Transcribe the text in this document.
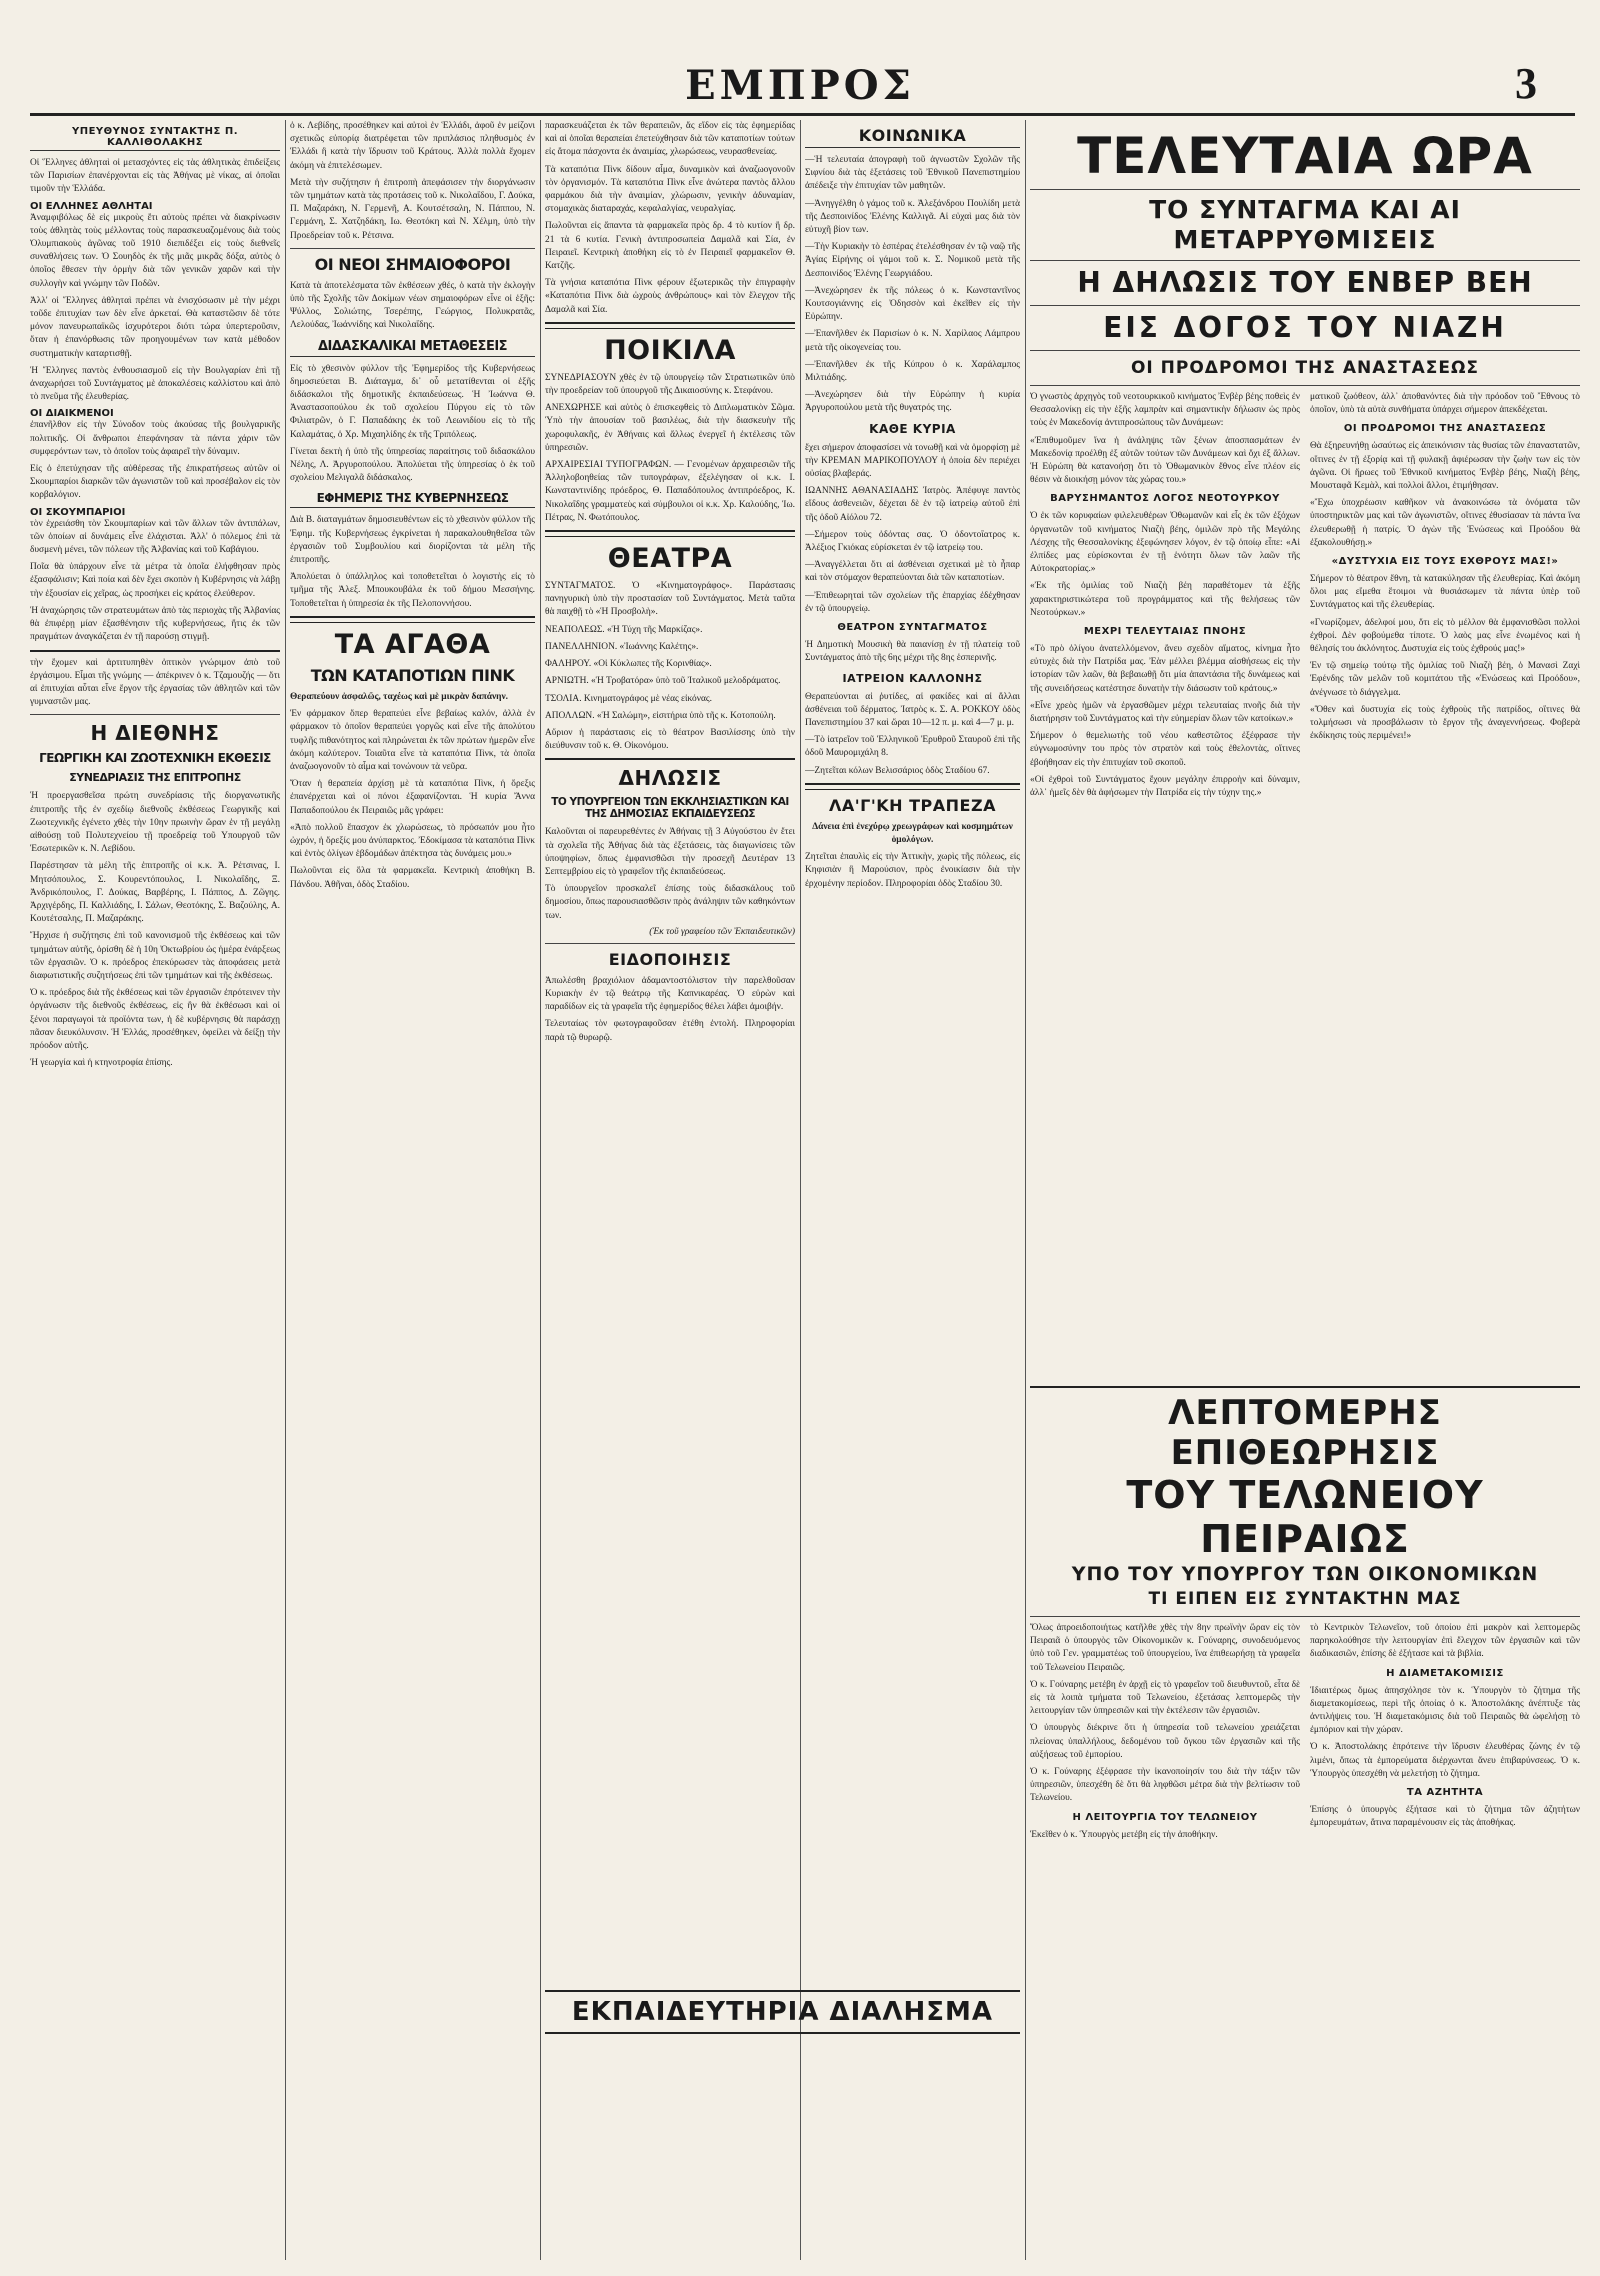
ΕΜΠΡΟΣ	3
ΥΠΕΥΘΥΝΟΣ ΣΥΝΤΑΚΤΗΣ Π. ΚΑΛΛΙΘΟΛΑΚΗΣ

Οἱ Ἕλληνες ἀθληταὶ οἱ μετασχόντες εἰς τὰς ἀθλητικὰς ἐπιδείξεις τῶν Παρισίων ἐπανέρχονται εἰς τὰς Ἀθήνας μὲ νίκας, αἱ ὁποῖαι τιμοῦν τὴν Ἑλλάδα.

ΟΙ ΕΛΛΗΝΕΣ ΑΘΛΗΤΑΙ

Ἀναμφιβόλως δὲ εἰς μικροὺς ἔτι αὐτοὺς πρέπει νὰ διακρίνωσιν τοὺς ἀθλητὰς τοὺς μέλλοντας τοὺς παρασκευαζομένους διὰ τοὺς Ὀλυμπιακοὺς ἀγῶνας τοῦ 1910 διεπιδέξει εἰς τοὺς διεθνεῖς συναθλήσεις των. Ὁ Σουηδὸς ἐκ τῆς μιᾶς μικρᾶς δόξα, αὐτὸς ὁ ὁποῖος ἔθεσεν τὴν ὁρμὴν διὰ τῶν γενικῶν χαρῶν καὶ τὴν συλλογὴν καὶ γνώμην τῶν Ποδῶν.

Ἀλλ' οἱ Ἕλληνες ἀθληταὶ πρέπει νὰ ἐνισχύσωσιν μὲ τὴν μέχρι τοῦδε ἐπιτυχίαν των δὲν εἶνε ἀρκεταί. Θὰ καταστῶσιν δὲ τότε μόνον πανευρωπαϊκῶς ἰσχυρότεροι διότι τώρα ὑπερτεροῦσιν, ὅταν ἡ ἐπανόρθωσις τῶν προηγουμένων των κατὰ μέθοδον συστηματικὴν καταρτισθῇ.

Ἡ Ἕλληνες παντὸς ἐνθουσιασμοῦ εἰς τὴν Βουλγαρίαν ἐπὶ τῇ ἀναχωρήσει τοῦ Συντάγματος μὲ ἀποκαλέσεις καλλίστου καὶ ἀπὸ τὸ πνεῦμα τῆς ἐλευθερίας.

ΟΙ ΔΙΑΙΚΜΕΝΟΙ

ἐπανῆλθον εἰς τὴν Σύνοδον τοὺς ἀκούσας τῆς βουλγαρικῆς πολιτικῆς. Οἱ ἄνθρωποι ἐπεφάνησαν τὰ πάντα χάριν τῶν συμφερόντων των, τὸ ὁποῖον τοὺς ἀφαιρεῖ τὴν δύναμιν.

Εἰς ὁ ἐπετύχησαν τῆς αὐθέρεσας τῆς ἐπικρατήσεως αὐτῶν οἱ Σκουμπαρίοι διαρκῶν τῶν ἀγωνιστῶν τοῦ καὶ προσέβαλον εἰς τὸν κορβαλόγιον.

ΟΙ ΣΚΟΥΜΠΑΡΙΟΙ

τὸν ἐχρειάσθη τὸν Σκουμπαρίων καὶ τῶν ἄλλων τῶν ἀντιπάλων, τῶν ὁποίων αἱ δυνάμεις εἶνε ἐλάχισται. Ἀλλ' ὁ πόλεμος ἐπὶ τὰ δυσμενὴ μένει, τῶν πόλεων τῆς Ἀλβανίας καὶ τοῦ Καβάγιου.

Ποῖα θὰ ὑπάρχουν εἶνε τὰ μέτρα τὰ ὁποῖα ἐλήφθησαν πρὸς ἐξασφάλισιν; Καὶ ποία καὶ δὲν ἔχει σκοπὸν ἡ Κυβέρνησις νὰ λάβῃ τὴν ἐξουσίαν εἰς χεῖρας, ὡς προσήκει εἰς κράτος ἐλεύθερον.

Ἡ ἀναχώρησις τῶν στρατευμάτων ἀπὸ τὰς περιοχὰς τῆς Ἀλβανίας θὰ ἐπιφέρῃ μίαν ἐξασθένησιν τῆς κυβερνήσεως, ἥτις ἐκ τῶν πραγμάτων ἀναγκάζεται ἐν τῇ παρούσῃ στιγμῇ.

τὴν ἔχομεν καὶ ἀρτιτυπηθὲν ὀπτικὸν γνώριμον ἀπὸ τοῦ ἐργάσιμου. Εἶμαι τῆς γνώμης — ἀπέκρινεν ὁ κ. Τζαμουζής — ὅτι αἱ ἐπιτυχίαι αὗται εἶνε ἔργον τῆς ἐργασίας τῶν ἀθλητῶν καὶ τῶν γυμναστῶν μας.

Η ΔΙΕΘΝΗΣ
ΓΕΩΡΓΙΚΗ ΚΑΙ ΖΩΟΤΕΧΝΙΚΗ ΕΚΘΕΣΙΣ
ΣΥΝΕΔΡΙΑΣΙΣ ΤΗΣ ΕΠΙΤΡΟΠΗΣ

Ἡ προεργασθεῖσα πρώτη συνεδρίασις τῆς διοργανωτικῆς ἐπιτροπῆς τῆς ἐν σχεδίῳ διεθνοῦς ἐκθέσεως Γεωργικῆς καὶ Ζωοτεχνικῆς ἐγένετο χθὲς τὴν 10ην πρωινὴν ὥραν ἐν τῇ μεγάλῃ αἰθούσῃ τοῦ Πολυτεχνείου τῇ προεδρείᾳ τοῦ Υπουργοῦ τῶν Ἐσωτερικῶν κ. Ν. Λεβίδου.

Παρέστησαν τὰ μέλη τῆς ἐπιτροπῆς οἱ κ.κ. Ἀ. Ρέτσινας, Ι. Μητσόπουλος, Σ. Κουρεντόπουλος, Ι. Νικολαΐδης, Ξ. Ἀνδρικόπουλος, Γ. Δούκας, Βαρβέρης, Ι. Πάππος, Δ. Ζῶγης. Ἀρχιγέρδης, Π. Καλλιάδης, Ι. Σάλων, Θεοτόκης, Σ. Βαζούλης, Α. Κουτέτσαλης, Π. Μαζαράκης.

Ἤρχισε ἡ συζήτησις ἐπὶ τοῦ κανονισμοῦ τῆς ἐκθέσεως καὶ τῶν τμημάτων αὐτῆς, ὁρίσθη δὲ ἡ 10η Ὀκτωβρίου ὡς ἡμέρα ἐνάρξεως τῶν ἐργασιῶν. Ὁ κ. πρόεδρος ἐπεκύρωσεν τὰς ἀποφάσεις μετὰ διαφωτιστικῆς συζητήσεως ἐπὶ τῶν τμημάτων καὶ τῆς ἐκθέσεως.

Ὁ κ. πρόεδρος διὰ τῆς ἐκθέσεως καὶ τῶν ἐργασιῶν ἐπρότεινεν τὴν ὀργάνωσιν τῆς διεθνοῦς ἐκθέσεως, εἰς ἣν θὰ ἐκθέσωσι καὶ οἱ ξένοι παραγωγοὶ τὰ προϊόντα των, ἡ δὲ κυβέρνησις θὰ παράσχῃ πᾶσαν διευκόλυνσιν. Ἡ Ἑλλάς, προσέθηκεν, ὀφείλει νὰ δείξῃ τὴν πρόοδον αὐτῆς.

Ἡ γεωργία καὶ ἡ κτηνοτροφία ἐπίσης.

ὁ κ. Λεβίδης, προσέθηκεν καὶ αὐτοὶ ἐν Ἑλλάδι, ἀφοῦ ἐν μείζονι σχετικῶς εὐπορίᾳ διατρέφεται τῶν πριπλάσιος πληθυσμὸς ἐν Ἑλλάδι ἢ κατὰ τὴν ἵδρυσιν τοῦ Κράτους. Ἀλλὰ πολλὰ ἔχομεν ἀκόμη νὰ ἐπιτελέσωμεν.

Μετὰ τὴν συζήτησιν ἡ ἐπιτροπὴ ἀπεφάσισεν τὴν διοργάνωσιν τῶν τμημάτων κατὰ τὰς προτάσεις τοῦ κ. Νικολαΐδου, Γ. Δούκα, Π. Μαζαράκη, Ν. Γερμενῆ, Α. Κουτσέτσαλη, Ν. Πάππου, Ν. Γερμάνη, Σ. Χατζηδάκη, Ιω. Θεοτόκη καὶ Ν. Χέλμη, ὑπὸ τὴν Προεδρείαν τοῦ κ. Ρέτσινα.

ΟΙ ΝΕΟΙ ΣΗΜΑΙΟΦΟΡΟΙ

Κατὰ τὰ ἀποτελέσματα τῶν ἐκθέσεων χθές, ὁ κατὰ τὴν ἐκλογὴν ὑπὸ τῆς Σχολῆς τῶν Δοκίμων νέων σημαιοφόρων εἶνε οἱ ἑξῆς: Ψύλλος, Σολιώτης, Τσερέπης, Γεώργιος, Πολυκρατᾶς, Λελούδας, Ἰωάννίδης καὶ Νικολαΐδης.

ΔΙΔΑΣΚΑΛΙΚΑΙ ΜΕΤΑΘΕΣΕΙΣ

Εἰς τὸ χθεσινὸν φύλλον τῆς Ἐφημερίδος τῆς Κυβερνήσεως δημοσιεύεται Β. Διάταγμα, δι᾽ οὗ μετατίθενται οἱ ἑξῆς διδάσκαλοι τῆς δημοτικῆς ἐκπαιδεύσεως. Ἡ Ἰωάννα Θ. Ἀναστασοπούλου ἐκ τοῦ σχολείου Πύργου εἰς τὸ τῶν Φιλιατρῶν, ὁ Γ. Παπαδάκης ἐκ τοῦ Λεωνιδίου εἰς τὸ τῆς Καλαμάτας, ὁ Χρ. Μιχαηλίδης ἐκ τῆς Τριπόλεως.

Γίνεται δεκτὴ ἡ ὑπὸ τῆς ὑπηρεσίας παραίτησις τοῦ διδασκάλου Νέλης, Λ. Ἀργυροπούλου. Ἀπολύεται τῆς ὑπηρεσίας ὁ ἐκ τοῦ σχολείου Μελιγαλᾶ διδάσκαλος.

ΕΦΗΜΕΡΙΣ ΤΗΣ ΚΥΒΕΡΝΗΣΕΩΣ

Διὰ Β. διαταγμάτων δημοσιευθέντων εἰς τὸ χθεσινὸν φύλλον τῆς Ἐφημ. τῆς Κυβερνήσεως ἐγκρίνεται ἡ παρακαλουθηθεῖσα τῶν ἐργασιῶν τοῦ Συμβουλίου καὶ διορίζονται τὰ μέλη τῆς ἐπιτροπῆς.

Ἀπολύεται ὁ ὑπάλληλος καὶ τοποθετεῖται ὁ λογιστὴς εἰς τὸ τμῆμα τῆς Ἀλεξ. Μπουκουβάλα ἐκ τοῦ δήμου Μεσσήνης. Τοποθετεῖται ἡ ὑπηρεσία ἐκ τῆς Πελοποννήσου.

ΤΑ ΑΓΑΘΑ
ΤΩΝ ΚΑΤΑΠΟΤΙΩΝ ΠΙΝΚ

Θεραπεύουν ἀσφαλῶς, ταχέως καὶ μὲ μικρὰν δαπάνην.

Ἐν φάρμακον ὅπερ θεραπεύει εἶνε βεβαίως καλόν, ἀλλὰ ἐν φάρμακον τὸ ὁποῖον θεραπεύει γοργῶς καὶ εἶνε τῆς ἀπολύτου τυφλῆς πιθανότητος καὶ πληρώνεται ἐκ τῶν πρώτων ἡμερῶν εἶνε ἀκόμη καλύτερον. Τοιαῦτα εἶνε τὰ καταπότια Πὶνκ, τὰ ὁποῖα ἀναζωογονοῦν τὸ αἷμα καὶ τονώνουν τὰ νεῦρα.

Ὅταν ἡ θεραπεία ἀρχίσῃ μὲ τὰ καταπότια Πὶνκ, ἡ ὄρεξις ἐπανέρχεται καὶ οἱ πόνοι ἐξαφανίζονται. Ἡ κυρία Ἄννα Παπαδοπούλου ἐκ Πειραιῶς μᾶς γράφει:

«Ἀπὸ πολλοῦ ἔπασχον ἐκ χλωρώσεως, τὸ πρόσωπόν μου ἦτο ὠχρόν, ἡ ὄρεξίς μου ἀνύπαρκτος. Ἐδοκίμασα τὰ καταπότια Πὶνκ καὶ ἐντὸς ὀλίγων ἑβδομάδων ἀπέκτησα τὰς δυνάμεις μου.»

Πωλοῦνται εἰς ὅλα τὰ φαρμακεῖα. Κεντρικὴ ἀποθήκη Β. Πάνδου. Ἀθῆναι, ὁδὸς Σταδίου.

παρασκευάζεται ἐκ τῶν θεραπειῶν, ἄς εἴδον εἰς τὰς ἐφημερίδας καὶ αἱ ὁποῖαι θεραπείαι ἐπετεύχθησαν διὰ τῶν καταποτίων τούτων εἰς ἄτομα πάσχοντα ἐκ ἀναιμίας, χλωρώσεως, νευρασθενείας.

Τὰ καταπότια Πὶνκ δίδουν αἷμα, δυναμικὸν καὶ ἀναζωογονοῦν τὸν ὀργανισμόν. Τὰ καταπότια Πὶνκ εἶνε ἀνώτερα παντὸς ἄλλου φαρμάκου διὰ τὴν ἀναιμίαν, χλώρωσιν, γενικὴν ἀδυναμίαν, στομαχικὰς διαταραχάς, κεφαλαλγίας, νευραλγίας.

Πωλοῦνται εἰς ἅπαντα τὰ φαρμακεῖα πρὸς δρ. 4 τὸ κυτίον ἢ δρ. 21 τὰ 6 κυτία. Γενικὴ ἀντιπροσωπεία Δαμαλᾶ καὶ Σία, ἐν Πειραιεῖ. Κεντρικὴ ἀποθήκη εἰς τὸ ἐν Πειραιεῖ φαρμακεῖον Θ. Κατζῆς.

Τὰ γνήσια καταπότια Πὶνκ φέρουν ἐξωτερικῶς τὴν ἐπιγραφὴν «Καταπότια Πὶνκ διὰ ὠχροὺς ἀνθρώπους» καὶ τὸν ἔλεγχον τῆς Δαμαλᾶ καὶ Σία.

ΠΟΙΚΙΛΑ

ΣΥΝΕΔΡΙΑΣΟΥΝ χθὲς ἐν τῷ ὑπουργείῳ τῶν Στρατιωτικῶν ὑπὸ τὴν προεδρείαν τοῦ ὑπουργοῦ τῆς Δικαιοσύνης κ. Στεφάνου.

ΑΝΕΧΩΡΗΣΕ καὶ αὐτὸς ὁ ἐπισκεφθεὶς τὸ Διπλωματικὸν Σῶμα. Ὑπὸ τὴν ἀπουσίαν τοῦ βασιλέως, διὰ τὴν διασκευὴν τῆς χωροφυλακῆς, ἐν Ἀθήναις καὶ ἄλλως ἐνεργεῖ ἡ ἐκτέλεσις τῶν ὑπηρεσιῶν.

ΑΡΧΑΙΡΕΣΙΑΙ ΤΥΠΟΓΡΑΦΩΝ. — Γενομένων ἀρχαιρεσιῶν τῆς Ἀλληλοβοηθείας τῶν τυπογράφων, ἐξελέγησαν οἱ κ.κ. Ι. Κωνσταντινίδης πρόεδρος, Θ. Παπαδόπουλος ἀντιπρόεδρος, Κ. Νικολαΐδης γραμματεὺς καὶ σύμβουλοι οἱ κ.κ. Χρ. Καλούδης, Ἰω. Πέτρας, Ν. Φωτόπουλος.

ΘΕΑΤΡΑ

ΣΥΝΤΑΓΜΑΤΟΣ. Ὁ «Κινηματογράφος». Παράστασις πανηγυρικὴ ὑπὸ τὴν προστασίαν τοῦ Συντάγματος. Μετὰ ταῦτα θὰ παιχθῇ τὸ «Ἡ Προσβολὴ».

ΝΕΑΠΟΛΕΩΣ. «Ἡ Τύχη τῆς Μαρκίζας».

ΠΑΝΕΛΛΗΝΙΟΝ. «Ἰωάννης Καλέτης».

ΦΑΛΗΡΟΥ. «Οἱ Κύκλωπες τῆς Κορινθίας».

ΑΡΝΙΩΤΗ. «Ἡ Τροβατόρα» ὑπὸ τοῦ Ἰταλικοῦ μελοδράματος.

ΤΣΟΛΙΑ. Κινηματογράφος μὲ νέας εἰκόνας.

ΑΠΟΛΛΩΝ. «Ἡ Σαλώμη», εἰσιτήρια ὑπὸ τῆς κ. Κοτοπούλη.

Αὔριον ἡ παράστασις εἰς τὸ θέατρον Βασιλίσσης ὑπὸ τὴν διεύθυνσιν τοῦ κ. Θ. Οἰκονόμου.

ΔΗΛΩΣΙΣ
ΤΟ ΥΠΟΥΡΓΕΙΟΝ ΤΩΝ ΕΚΚΛΗΣΙΑΣΤΙΚΩΝ ΚΑΙ ΤΗΣ ΔΗΜΟΣΙΑΣ ΕΚΠΑΙΔΕΥΣΕΩΣ

Καλοῦνται οἱ παρευρεθέντες ἐν Ἀθήναις τῇ 3 Αὐγούστου ἐν ἔτει τὰ σχολεῖα τῆς Ἀθήνας διὰ τὰς ἐξετάσεις, τὰς διαγωνίσεις τῶν ὑποψηφίων, ὅπως ἐμφανισθῶσι τὴν προσεχῆ Δευτέραν 13 Σεπτεμβρίου εἰς τὸ γραφεῖον τῆς ἐκπαιδεύσεως.

Τὸ ὑπουργεῖον προσκαλεῖ ἐπίσης τοὺς διδασκάλους τοῦ δημοσίου, ὅπως παρουσιασθῶσιν πρὸς ἀνάληψιν τῶν καθηκόντων των.

(Ἐκ τοῦ γραφείου τῶν Ἐκπαιδευτικῶν)
ΕΙΔΟΠΟΙΗΣΙΣ

Ἀπωλέσθη βραχιόλιον ἀδαμαντοστόλιστον τὴν παρελθοῦσαν Κυριακὴν ἐν τῷ θεάτρῳ τῆς Καπνικαρέας. Ὁ εὑρὼν καὶ παραδίδων εἰς τὰ γραφεῖα τῆς ἐφημερίδος θέλει λάβει ἀμοιβήν.

Τελευταίως τὸν φωτογραφοῦσαν ἐτέθη ἐντολή. Πληροφορίαι παρὰ τῷ θυρωρῷ.

ΚΟΙΝΩΝΙΚΑ

—Ἡ τελευταία ἀπογραφὴ τοῦ ἀγνωστῶν Σχολῶν τῆς Σιφνίου διὰ τὰς ἑξετάσεις τοῦ Ἐθνικοῦ Πανεπιστημίου ἀπέδειξε τὴν ἐπιτυχίαν τῶν μαθητῶν.

—Ἀνηγγέλθη ὁ γάμος τοῦ κ. Ἀλεξάνδρου Πουλίδη μετὰ τῆς Δεσποινίδος Ἐλένης Καλλιγᾶ. Αἱ εὐχαὶ μας διὰ τὸν εὐτυχῆ βίον των.

—Τὴν Κυριακὴν τὸ ἑσπέρας ἐτελέσθησαν ἐν τῷ ναῷ τῆς Ἁγίας Εἰρήνης οἱ γάμοι τοῦ κ. Σ. Νομικοῦ μετὰ τῆς Δεσποινίδος Ἑλένης Γεωργιάδου.

—Ἀνεχώρησεν ἐκ τῆς πόλεως ὁ κ. Κωνσταντῖνος Κουτσογιάννης εἰς Ὀδησσὸν καὶ ἐκεῖθεν εἰς τὴν Εὐρώπην.

—Ἐπανῆλθεν ἐκ Παρισίων ὁ κ. Ν. Χαρίλαος Λάμπρου μετὰ τῆς οἰκογενείας του.

—Ἐπανῆλθεν ἐκ τῆς Κύπρου ὁ κ. Χαράλαμπος Μιλτιάδης.

—Ἀνεχώρησεν διὰ τὴν Εὐρώπην ἡ κυρία Ἀργυροπούλου μετὰ τῆς θυγατρός της.

ΚΑΘΕ ΚΥΡΙΑ

ἔχει σήμερον ἀποφασίσει νὰ τονωθῇ καὶ νὰ ὀμορφίσῃ μὲ τὴν ΚΡΕΜΑΝ ΜΑΡΙΚΟΠΟΥΛΟΥ ἡ ὁποία δὲν περιέχει οὐσίας βλαβεράς.

ΙΩΑΝΝΗΣ ΑΘΑΝΑΣΙΑΔΗΣ Ἰατρὸς. Ἀπέφυγε παντὸς εἴδους ἀσθενειῶν, δέχεται δὲ ἐν τῷ ἰατρείῳ αὐτοῦ ἐπὶ τῆς ὁδοῦ Αἰόλου 72.

—Σήμερον τοὺς ὀδόντας σας. Ὁ ὀδοντοΐατρος κ. Ἀλέξιος Γκιόκας εὑρίσκεται ἐν τῷ ἰατρείῳ του.

—Ἀναγγέλλεται ὅτι αἱ ἀσθένειαι σχετικαὶ μὲ τὸ ἦπαρ καὶ τὸν στόμαχον θεραπεύονται διὰ τῶν καταποτίων.

—Ἐπιθεωρηταὶ τῶν σχολείων τῆς ἐπαρχίας ἐδέχθησαν ἐν τῷ ὑπουργείῳ.

ΘΕΑΤΡΟΝ ΣΥΝΤΑΓΜΑΤΟΣ

Ἡ Δημοτικὴ Μουσικὴ θὰ παιανίσῃ ἐν τῇ πλατείᾳ τοῦ Συντάγματος ἀπὸ τῆς 6ης μέχρι τῆς 8ης ἑσπερινῆς.

ΙΑΤΡΕΙΟΝ ΚΑΛΛΟΝΗΣ

Θεραπεύονται αἱ ῥυτίδες, αἱ φακίδες καὶ αἱ ἄλλαι ἀσθένειαι τοῦ δέρματος. Ἰατρὸς κ. Σ. Α. ΡΟΚΚΟΥ ὁδὸς Πανεπιστημίου 37 καὶ ὥραι 10—12 π. μ. καὶ 4—7 μ. μ.

—Τὸ ἰατρεῖον τοῦ Ἐλληνικοῦ Ἐρυθροῦ Σταυροῦ ἐπὶ τῆς ὁδοῦ Μαυρομιχάλη 8.

—Ζητεῖται κόλων Βελισσάριος ὁδὸς Σταδίου 67.

ΛΑ'Γ'ΚΗ ΤΡΑΠΕΖΑ

Δάνεια ἐπὶ ἐνεχύρῳ χρεωγράφων καὶ κοσμημάτων ὁμολόγων.

Ζητεῖται ἐπαυλὶς εἰς τὴν Ἀττικὴν, χωρὶς τῆς πόλεως, εἰς Κηφισιὰν ἢ Μαρούσιον, πρὸς ἐνοικίασιν διὰ τὴν ἐρχομένην περίοδον. Πληροφορίαι ὁδὸς Σταδίου 30.

ΕΚΠΑΙΔΕΥΤΗΡΙΑ ΔΙΑΛΗΣΜΑ
ΤΕΛΕΥΤΑΙΑ ΩΡΑ
ΤΟ ΣΥΝΤΑΓΜΑ ΚΑΙ ΑΙ ΜΕΤΑΡΡΥΘΜΙΣΕΙΣ
Η ΔΗΛΩΣΙΣ ΤΟΥ ΕΝΒΕΡ ΒΕΗ
ΕΙΣ ΔΟΓΟΣ ΤΟΥ ΝΙΑΖΗ
ΟΙ ΠΡΟΔΡΟΜΟΙ ΤΗΣ ΑΝΑΣΤΑΣΕΩΣ

Ὁ γνωστὸς ἀρχηγὸς τοῦ νεοτουρκικοῦ κινήματος Ἐνβὲρ βέης ποθεὶς ἐν Θεσσαλονίκῃ εἰς τὴν ἑξῆς λαμπρὰν καὶ σημαντικὴν δήλωσιν ὡς πρὸς τοὺς ἐν Μακεδονίᾳ ἀντιπροσώπους τῶν Δυνάμεων:

«Ἐπιθυμοῦμεν ἵνα ἡ ἀνάληψις τῶν ξένων ἀποσπασμάτων ἐν Μακεδονίᾳ προέλθῃ ἐξ αὐτῶν τούτων τῶν Δυνάμεων καὶ ὄχι ἐξ ἄλλων. Ἡ Εὐρώπη θὰ κατανοήσῃ ὅτι τὸ Ὀθωμανικὸν ἔθνος εἶνε πλέον εἰς θέσιν νὰ διοικήσῃ μόνον τὰς χώρας του.»

ΒΑΡΥΣΗΜΑΝΤΟΣ ΛΟΓΟΣ ΝΕΟΤΟΥΡΚΟΥ

Ὁ ἐκ τῶν κορυφαίων φιλελευθέρων Ὀθωμανῶν καὶ εἷς ἐκ τῶν ἐξόχων ὀργανωτῶν τοῦ κινήματος Νιαζὴ βέης, ὁμιλῶν πρὸ τῆς Μεγάλης Λέσχης τῆς Θεσσαλονίκης ἐξεφώνησεν λόγον, ἐν τῷ ὁποίῳ εἶπε: «Αἱ ἐλπίδες μας εὑρίσκονται ἐν τῇ ἑνότητι ὅλων τῶν λαῶν τῆς Αὐτοκρατορίας.»

«Ἐκ τῆς ὁμιλίας τοῦ Νιαζὴ βέη παραθέτομεν τὰ ἑξῆς χαρακτηριστικώτερα τοῦ προγράμματος καὶ τῆς θελήσεως τῶν Νεοτούρκων.»

ΜΕΧΡΙ ΤΕΛΕΥΤΑΙΑΣ ΠΝΟΗΣ

«Τὸ πρὸ ὀλίγου ἀνατελλόμενον, ἄνευ σχεδὸν αἵματος, κίνημα ἦτο εὐτυχὲς διὰ τὴν Πατρίδα μας. Ἐὰν μέλλει βλέμμα αἰσθήσεως εἰς τὴν ἱστορίαν τῶν λαῶν, θὰ βεβαιωθῇ ὅτι μία ἀπαντάσια τῆς δυνάμεως καὶ τῆς συνειδήσεως κατέστησε δυνατὴν τὴν διάσωσιν τοῦ κράτους.»

«Εἶνε χρεὸς ἡμῶν νὰ ἐργασθῶμεν μέχρι τελευταίας πνοῆς διὰ τὴν διατήρησιν τοῦ Συντάγματος καὶ τὴν εὐημερίαν ὅλων τῶν κατοίκων.»

Σήμερον ὁ θεμελιωτὴς τοῦ νέου καθεστῶτος ἐξέφρασε τὴν εὐγνωμοσύνην του πρὸς τὸν στρατὸν καὶ τοὺς ἐθελοντὰς, οἵτινες ἐβοήθησαν εἰς τὴν ἐπιτυχίαν τοῦ σκοποῦ.

«Οἱ ἐχθροὶ τοῦ Συντάγματος ἔχουν μεγάλην ἐπιρροὴν καὶ δύναμιν, ἀλλ᾽ ἡμεῖς δὲν θὰ ἀφήσωμεν τὴν Πατρίδα εἰς τὴν τύχην της.»

ματικοῦ ζωόθεον, ἀλλ᾽ ἀποθανόντες διὰ τὴν πρόοδον τοῦ Ἔθνους τὸ ὁποῖον, ὑπὸ τὰ αὐτὰ συνθήματα ὑπάρχει σήμερον ἀπεκδέχεται.

ΟΙ ΠΡΟΔΡΟΜΟΙ ΤΗΣ ΑΝΑΣΤΑΣΕΩΣ

Θὰ ἐξηρευνήθῃ ὡσαύτως εἰς ἀπεικόνισιν τὰς θυσίας τῶν ἐπαναστατῶν, οἵτινες ἐν τῇ ἐξορίᾳ καὶ τῇ φυλακῇ ἀφιέρωσαν τὴν ζωὴν των εἰς τὸν ἀγῶνα. Οἱ ἥρωες τοῦ Ἐθνικοῦ κινήματος Ἐνβὲρ βέης, Νιαζὴ βέης, Μουσταφᾶ Κεμὰλ, καὶ πολλοὶ ἄλλοι, ἐτιμήθησαν.

«Ἔχω ὑποχρέωσιν καθῆκον νὰ ἀνακοινώσω τὰ ὀνόματα τῶν ὑποστηρικτῶν μας καὶ τῶν ἀγωνιστῶν, οἵτινες ἐθυσίασαν τὰ πάντα ἵνα ἐλευθερωθῇ ἡ πατρίς. Ὁ ἀγὼν τῆς Ἑνώσεως καὶ Προόδου θὰ ἐξακολουθήσῃ.»

«ΔΥΣΤΥΧΙΑ ΕΙΣ ΤΟΥΣ ΕΧΘΡΟΥΣ ΜΑΣ!»

Σήμερον τὸ θέατρον ἔθνη, τὰ κατακύλησαν τῆς ἐλευθερίας. Καὶ ἀκόμη ὅλοι μας εἴμεθα ἕτοιμοι νὰ θυσιάσωμεν τὰ πάντα ὑπὲρ τοῦ Συντάγματος καὶ τῆς ἐλευθερίας.

«Γνωρίζομεν, ἀδελφοί μου, ὅτι εἰς τὸ μέλλον θὰ ἐμφανισθῶσι πολλοὶ ἐχθροί. Δὲν φοβούμεθα τίποτε. Ὁ λαὸς μας εἶνε ἑνωμένος καὶ ἡ θέλησίς του ἀκλόνητος. Δυστυχία εἰς τοὺς ἐχθρούς μας!»

Ἐν τῷ σημείῳ τούτῳ τῆς ὁμιλίας τοῦ Νιαζὴ βέη, ὁ Μανασὶ Ζαχὶ Ἐφένδης τῶν μελῶν τοῦ κομιτάτου τῆς «Ἑνώσεως καὶ Προόδου», ἀνέγνωσε τὸ διάγγελμα.

«Ὅθεν καὶ δυστυχία εἰς τοὺς ἐχθροὺς τῆς πατρίδος, οἵτινες θὰ τολμήσωσι νὰ προσβάλωσιν τὸ ἔργον τῆς ἀναγεννήσεως. Φοβερὰ ἐκδίκησις τοὺς περιμένει!»

ΛΕΠΤΟΜΕΡΗΣ ΕΠΙΘΕΩΡΗΣΙΣ
ΤΟΥ ΤΕΛΩΝΕΙΟΥ ΠΕΙΡΑΙΩΣ
ΥΠΟ ΤΟΥ ΥΠΟΥΡΓΟΥ ΤΩΝ ΟΙΚΟΝΟΜΙΚΩΝ
ΤΙ ΕΙΠΕΝ ΕΙΣ ΣΥΝΤΑΚΤΗΝ ΜΑΣ

Ὅλως ἀπροειδοποιήτως κατῆλθε χθὲς τὴν 8ην πρωϊνὴν ὥραν εἰς τὸν Πειραιᾶ ὁ ὑπουργὸς τῶν Οἰκονομικῶν κ. Γούναρης, συνοδευόμενος ὑπὸ τοῦ Γεν. γραμματέως τοῦ ὑπουργείου, ἵνα ἐπιθεωρήσῃ τὰ γραφεῖα τοῦ Τελωνείου Πειραιῶς.

Ὁ κ. Γούναρης μετέβη ἐν ἀρχῇ εἰς τὸ γραφεῖον τοῦ διευθυντοῦ, εἶτα δὲ εἰς τὰ λοιπὰ τμήματα τοῦ Τελωνείου, ἐξετάσας λεπτομερῶς τὴν λειτουργίαν τῶν ὑπηρεσιῶν καὶ τὴν ἐκτέλεσιν τῶν ἐργασιῶν.

Ὁ ὑπουργὸς διέκρινε ὅτι ἡ ὑπηρεσία τοῦ τελωνείου χρειάζεται πλείονας ὑπαλλήλους, δεδομένου τοῦ ὅγκου τῶν ἐργασιῶν καὶ τῆς αὐξήσεως τοῦ ἐμπορίου.

Ὁ κ. Γούναρης ἐξέφρασε τὴν ἱκανοποίησίν του διὰ τὴν τάξιν τῶν ὑπηρεσιῶν, ὑπεσχέθη δὲ ὅτι θὰ ληφθῶσι μέτρα διὰ τὴν βελτίωσιν τοῦ Τελωνείου.

Η ΛΕΙΤΟΥΡΓΙΑ ΤΟΥ ΤΕΛΩΝΕΙΟΥ

Ἐκεῖθεν ὁ κ. Ὑπουργὸς μετέβη εἰς τὴν ἀποθήκην.

τὸ Κεντρικὸν Τελωνεῖον, τοῦ ὁποίου ἐπὶ μακρὸν καὶ λεπτομερῶς παρηκολούθησε τὴν λειτουργίαν ἐπὶ ἔλεγχον τῶν ἐργασιῶν καὶ τῶν διαδικασιῶν, ἐπίσης δὲ ἐξήτασε καὶ τὰ βιβλία.

Η ΔΙΑΜΕΤΑΚΟΜΙΣΙΣ

Ἰδιαιτέρως ὅμως ἀπησχόλησε τὸν κ. Ὑπουργὸν τὸ ζήτημα τῆς διαμετακομίσεως, περὶ τῆς ὁποίας ὁ κ. Ἀποστολάκης ἀνέπτυξε τὰς ἀντιλήψεις του. Ἡ διαμετακόμισις διὰ τοῦ Πειραιῶς θὰ ὠφελήσῃ τὸ ἐμπόριον καὶ τὴν χώραν.

Ὁ κ. Ἀποστολάκης ἐπρότεινε τὴν ἵδρυσιν ἐλευθέρας ζώνης ἐν τῷ λιμένι, ὅπως τὰ ἐμπορεύματα διέρχωνται ἄνευ ἐπιβαρύνσεως. Ὁ κ. Ὑπουργὸς ὑπεσχέθη νὰ μελετήσῃ τὸ ζήτημα.

ΤΑ ΑΖΗΤΗΤΑ

Ἐπίσης ὁ ὑπουργὸς ἐξήτασε καὶ τὸ ζήτημα τῶν ἀζητήτων ἐμπορευμάτων, ἅτινα παραμένουσιν εἰς τὰς ἀποθήκας.
